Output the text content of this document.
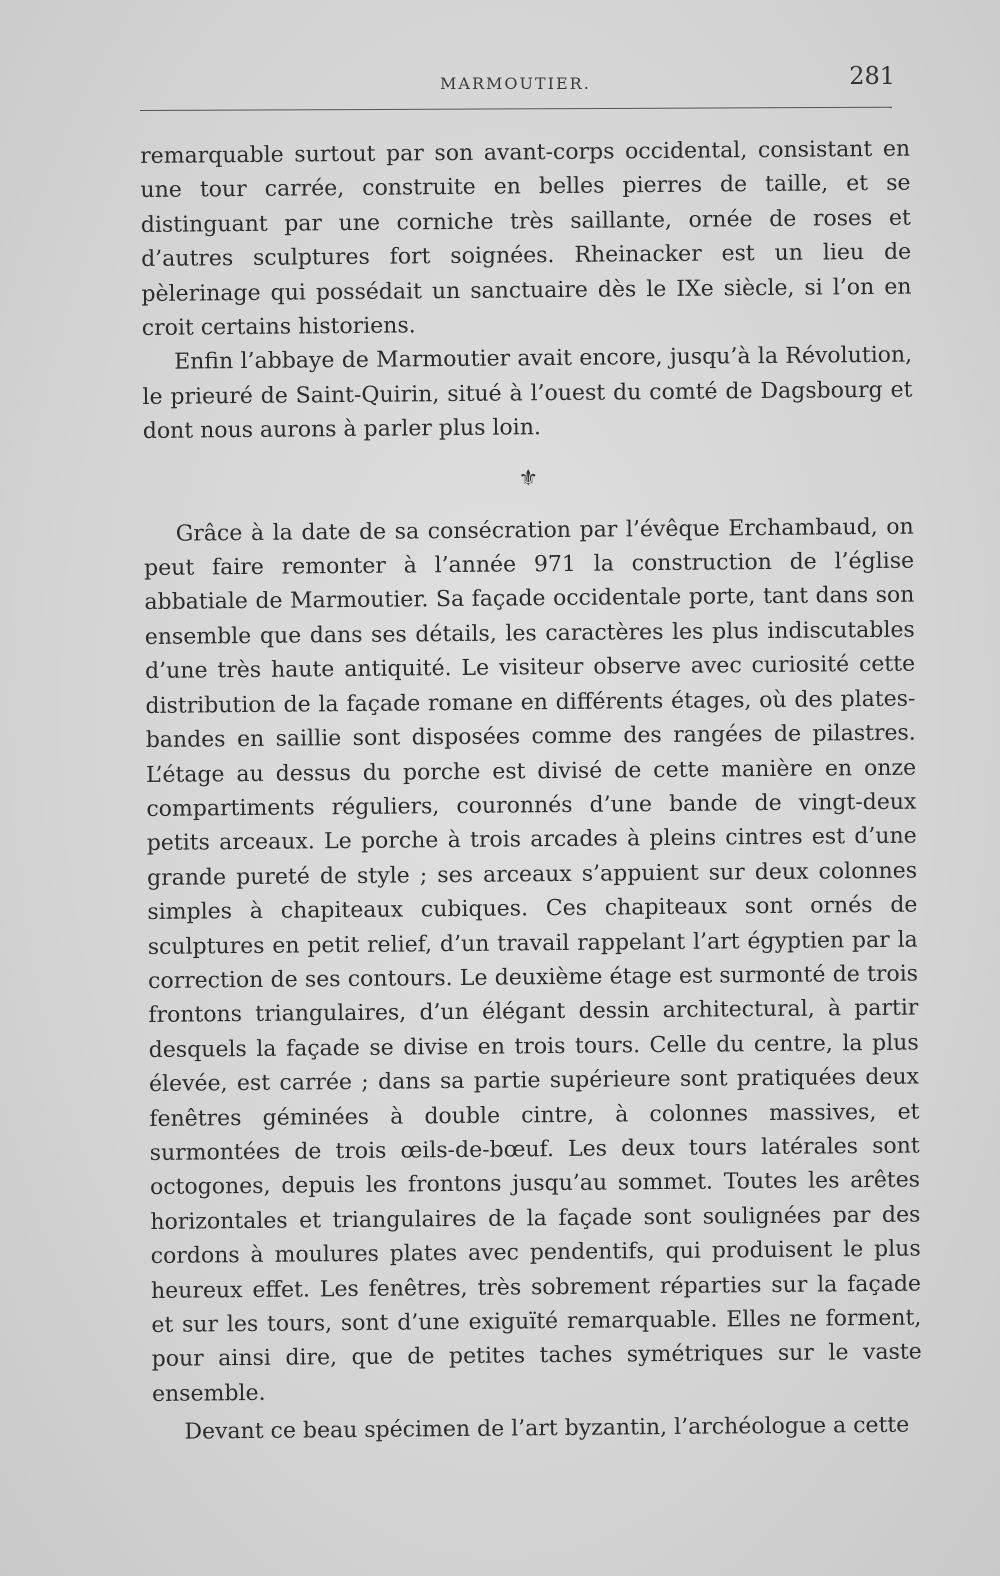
MARMOUTIER.	281

remarquable surtout par son avant-corps occidental, consistant en une tour carrée, construite en belles pierres de taille, et se distinguant par une corniche très saillante, ornée de roses et d’autres sculptures fort soignées. Rheinacker est un lieu de pèlerinage qui possédait un sanctuaire dès le IXe siècle, si l’on en croit certains historiens.

Enfin l’abbaye de Marmoutier avait encore, jusqu’à la Révolution, le prieuré de Saint-Quirin, situé à l’ouest du comté de Dagsbourg et dont nous aurons à parler plus loin.

⚜

Grâce à la date de sa consécration par l’évêque Erchambaud, on peut faire remonter à l’année 971 la construction de l’église abbatiale de Marmoutier. Sa façade occidentale porte, tant dans son ensemble que dans ses détails, les caractères les plus indiscutables d’une très haute antiquité. Le visiteur observe avec curiosité cette distribution de la façade romane en différents étages, où des plates-bandes en saillie sont disposées comme des rangées de pilastres. L’étage au dessus du porche est divisé de cette manière en onze compartiments réguliers, couronnés d’une bande de vingt-deux petits arceaux. Le porche à trois arcades à pleins cintres est d’une grande pureté de style ; ses arceaux s’appuient sur deux colonnes simples à chapiteaux cubiques. Ces chapiteaux sont ornés de sculptures en petit relief, d’un travail rappelant l’art égyptien par la correction de ses contours. Le deuxième étage est surmonté de trois frontons triangulaires, d’un élégant dessin architectural, à partir desquels la façade se divise en trois tours. Celle du centre, la plus élevée, est carrée ; dans sa partie supérieure sont pratiquées deux fenêtres géminées à double cintre, à colonnes massives, et surmontées de trois œils-de-bœuf. Les deux tours latérales sont octogones, depuis les frontons jusqu’au sommet. Toutes les arêtes horizontales et triangulaires de la façade sont soulignées par des cordons à moulures plates avec pendentifs, qui produisent le plus heureux effet. Les fenêtres, très sobrement réparties sur la façade et sur les tours, sont d’une exiguïté remarquable. Elles ne forment, pour ainsi dire, que de petites taches symétriques sur le vaste ensemble.

Devant ce beau spécimen de l’art byzantin, l’archéologue a cette
